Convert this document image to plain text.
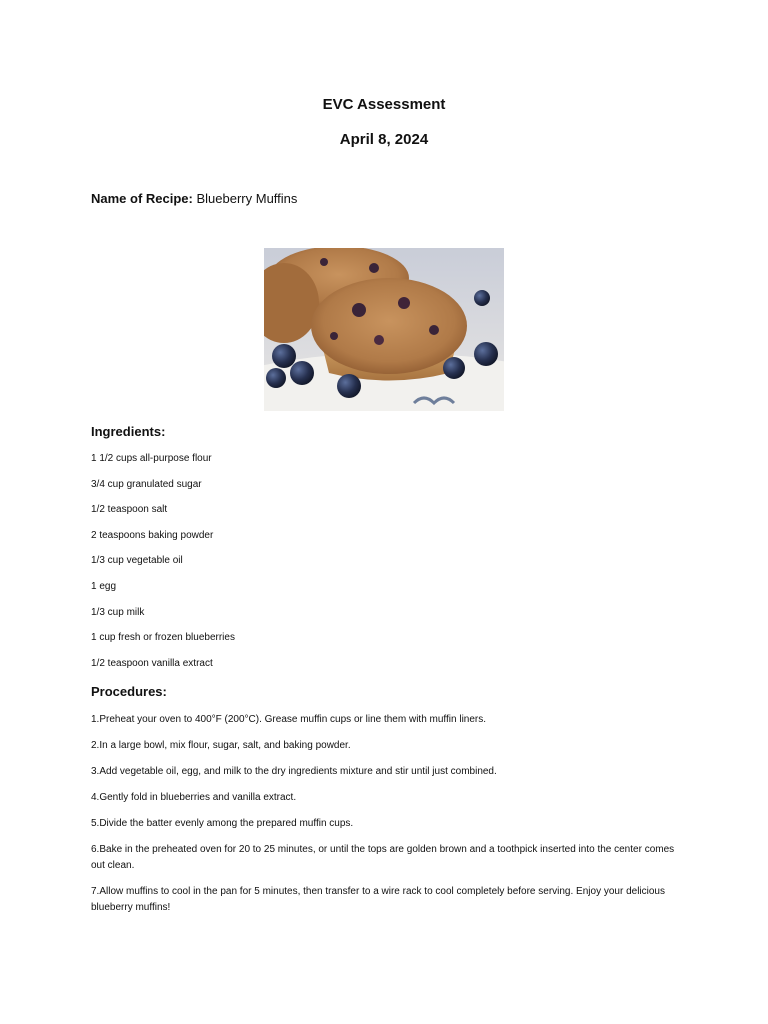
EVC Assessment
April 8, 2024

Name of Recipe: Blueberry Muffins

Ingredients:
1 1/2 cups all-purpose flour
3/4 cup granulated sugar
1/2 teaspoon salt
2 teaspoons baking powder
1/3 cup vegetable oil
1 egg
1/3 cup milk
1 cup fresh or frozen blueberries
1/2 teaspoon vanilla extract
Procedures:
1.Preheat your oven to 400°F (200°C). Grease muffin cups or line them with muffin liners.
2.In a large bowl, mix flour, sugar, salt, and baking powder.
3.Add vegetable oil, egg, and milk to the dry ingredients mixture and stir until just combined.
4.Gently fold in blueberries and vanilla extract.
5.Divide the batter evenly among the prepared muffin cups.
6.Bake in the preheated oven for 20 to 25 minutes, or until the tops are golden brown and a toothpick inserted into the center comes out clean.
7.Allow muffins to cool in the pan for 5 minutes, then transfer to a wire rack to cool completely before serving. Enjoy your delicious blueberry muffins!
